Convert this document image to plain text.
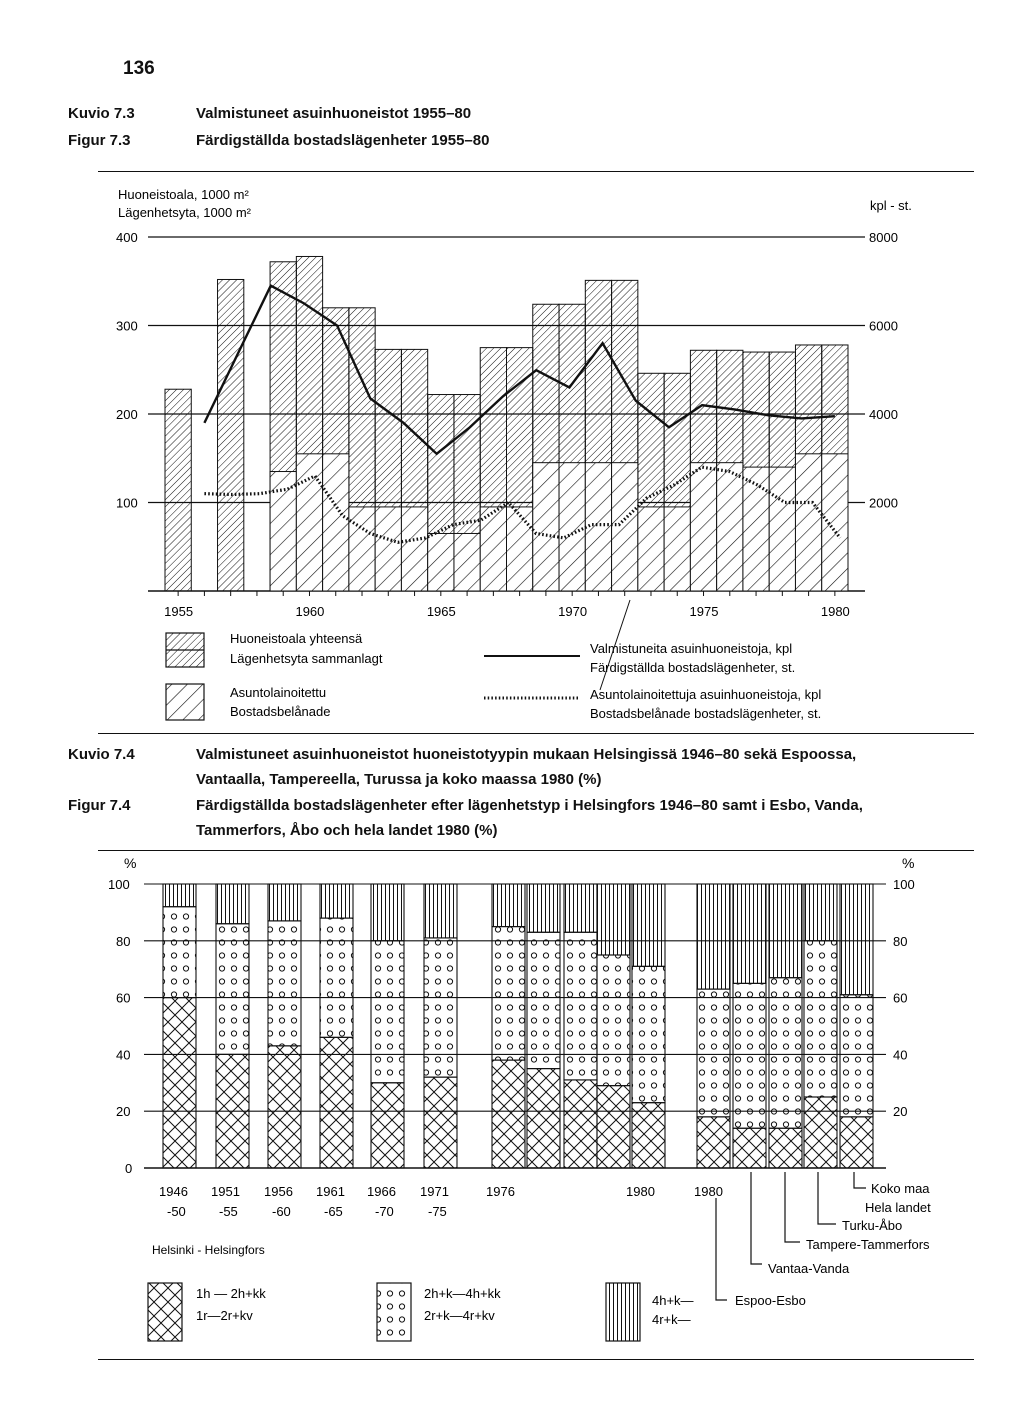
136
Kuvio 7.3
Figur 7.3
Valmistuneet asuinhuoneistot 1955–80
Färdigställda bostadslägenheter 1955–80
Huoneistoala, 1000 m²
Lägenhetsyta, 1000 m²	kpl - st.
100	2000
200	4000
300	6000
400	8000
1955	1960	1965	1970	1975	1980
Huoneistoala yhteensä
Lägenhetsyta sammanlagt
Asuntolainoitettu
Bostadsbelånade
Valmistuneita asuinhuoneistoja, kpl
Färdigställda bostadslägenheter, st.
Asuntolainoitettuja asuinhuoneistoja, kpl
Bostadsbelånade bostadslägenheter, st.
Kuvio 7.4
Figur 7.4
Valmistuneet asuinhuoneistot huoneistotyypin mukaan Helsingissä 1946–80 sekä Espoossa,
Vantaalla, Tampereella, Turussa ja koko maassa 1980 (%)
Färdigställda bostadslägenheter efter lägenhetstyp i Helsingfors 1946–80 samt i Esbo, Vanda,
Tammerfors, Åbo och hela landet 1980 (%)
%	%
0
20	20
40	40
60	60
80	80
100	100
1946
-50
1951
-55
1956
-60
1961
-65
1966
-70
1971
-75
1976	1980	1980
Helsinki - Helsingfors
Koko maa
Hela landet
Turku-Åbo
Tampere-Tammerfors
Vantaa-Vanda
Espoo-Esbo
1h — 2h+kk
1r—2r+kv
2h+k—4h+kk
2r+k—4r+kv
4h+k—
4r+k—
